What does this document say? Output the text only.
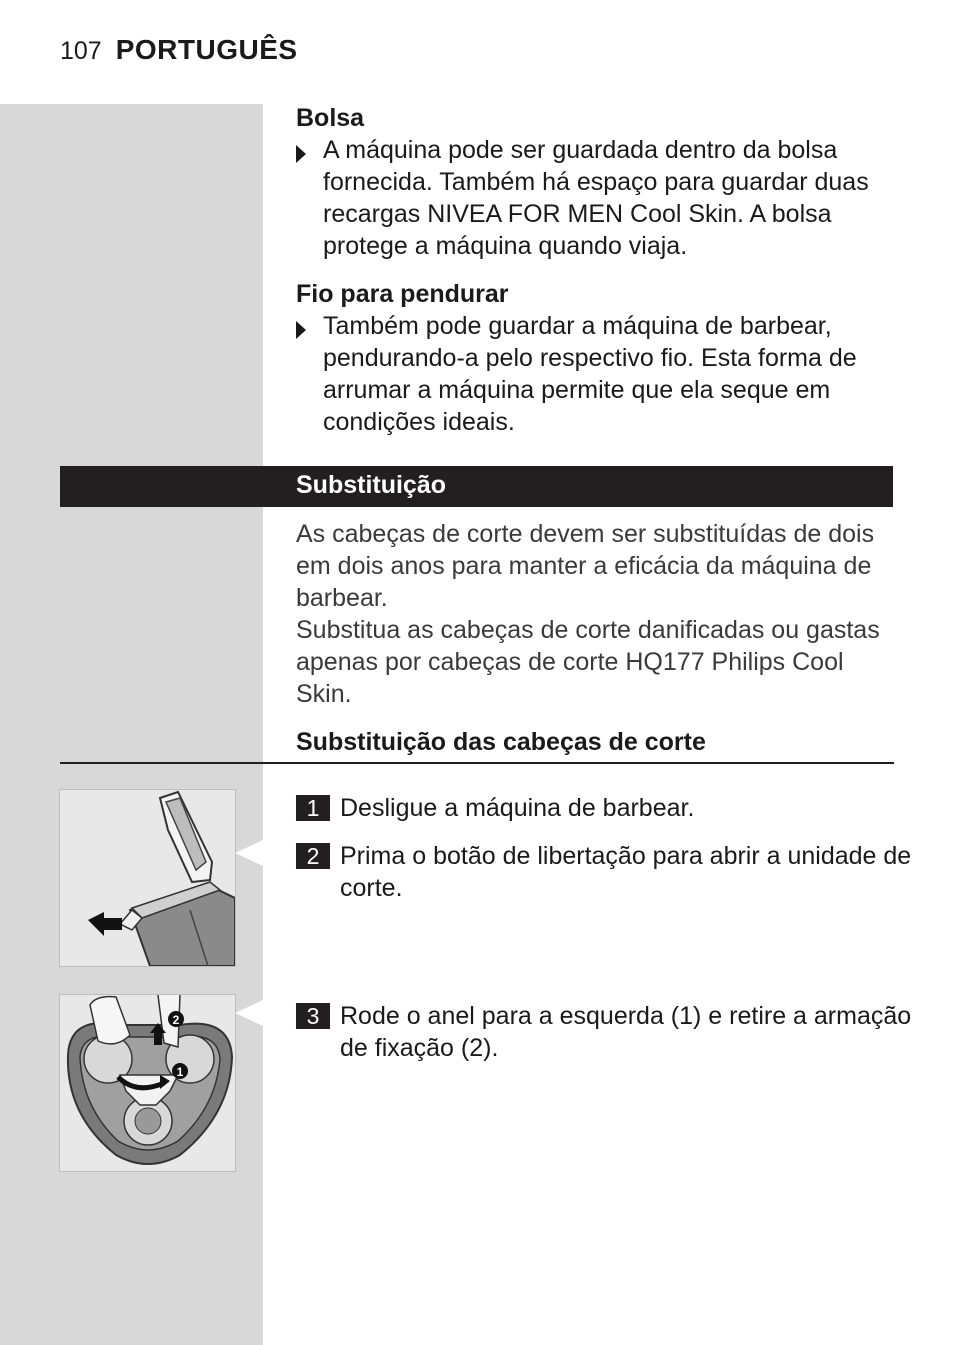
107 PORTUGUÊS
Bolsa
A máquina pode ser guardada dentro da bolsa fornecida. Também há espaço para guardar duas recargas NIVEA FOR MEN Cool Skin. A bolsa protege a máquina quando viaja.
Fio para pendurar
Também pode guardar a máquina de barbear, pendurando-a pelo respectivo fio. Esta forma de arrumar a máquina permite que ela seque em condições ideais.
Substituição
As cabeças de corte devem ser substituídas de dois em dois anos para manter a eficácia da máquina de barbear.
Substitua as cabeças de corte danificadas ou gastas apenas por cabeças de corte HQ177 Philips Cool Skin.
Substituição das cabeças de corte
2
1
1 Desligue a máquina de barbear.
2 Prima o botão de libertação para abrir a unidade de corte.
3 Rode o anel para a esquerda (1) e retire a armação de fixação (2).
